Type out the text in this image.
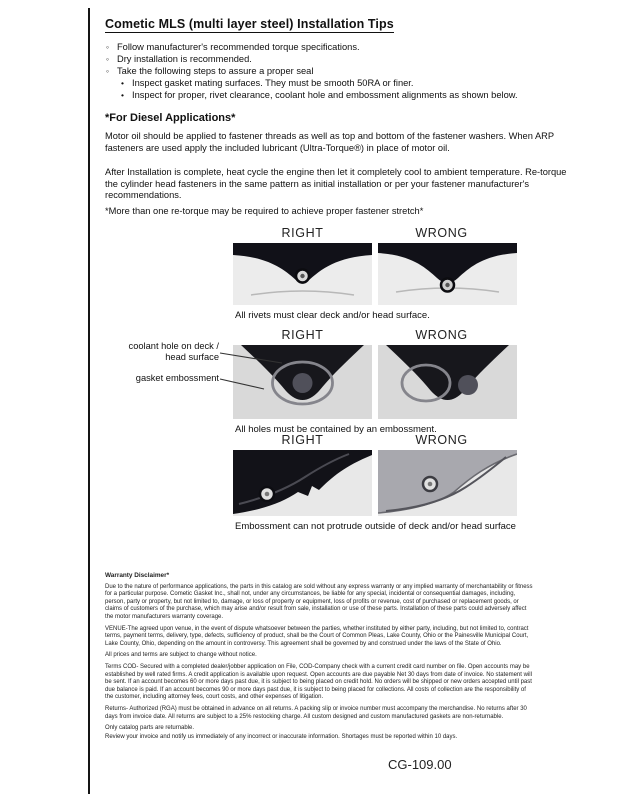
Cometic MLS (multi layer steel) Installation Tips
◦ Follow manufacturer's recommended torque specifications.
◦ Dry installation is recommended.
◦ Take the following steps to assure a proper seal
• Inspect gasket mating surfaces. They must be smooth 50RA or finer.
• Inspect for proper, rivet clearance, coolant hole and embossment alignments as shown below.
*For Diesel Applications*
Motor oil should be applied to fastener threads as well as top and bottom of the fastener washers. When ARP fasteners are used apply the included lubricant (Ultra-Torque®) in place of motor oil.
After Installation is complete, heat cycle the engine then let it completely cool to ambient temperature. Re-torque the cylinder head fasteners in the same pattern as initial installation or per your fastener manufacturer's recommendations.
*More than one re-torque may be required to achieve proper fastener stretch*
RIGHT	WRONG
All rivets must clear deck and/or head surface.
RIGHT	WRONG
All holes must be contained by an embossment.
RIGHT	WRONG
Embossment can not protrude outside of deck and/or head surface
coolant hole on deck / head surface
gasket embossment
Warranty Disclaimer*

Due to the nature of performance applications, the parts in this catalog are sold without any express warranty or any implied warranty of merchantability or fitness for a particular purpose. Cometic Gasket Inc., shall not, under any circumstances, be liable for any special, incidental or consequential damages, including, person, party or property, but not limited to, damage, or loss of property or equipment, loss of profits or revenue, cost of purchased or replacement goods, or claims of customers of the purchase, which may arise and/or result from sale, installation or use of these parts. Installation of these parts could adversely affect the motor manufacturers warranty coverage.

VENUE-The agreed upon venue, in the event of dispute whatsoever between the parties, whether instituted by either party, including, but not limited to, contract terms, payment terms, delivery, type, defects, sufficiency of product, shall be the Court of Common Pleas, Lake County, Ohio or the Painesville Municipal Court, Lake County, Ohio, depending on the amount in controversy. This agreement shall be governed by and construed under the laws of the State of Ohio.

All prices and terms are subject to change without notice.

Terms COD- Secured with a completed dealer/jobber application on File, COD-Company check with a current credit card number on file. Open accounts may be established by well rated firms. A credit application is available upon request. Open accounts are due payable Net 30 days from date of invoice. No statement will be sent. If an account becomes 60 or more days past due, it is subject to being placed on credit hold. No orders will be shipped or new orders accepted until past due balance is paid. If an account becomes 90 or more days past due, it is subject to being placed for collections. All costs of collection are the responsibility of the customer, including attorney fees, court costs, and other expenses of litigation.

Returns- Authorized (RGA) must be obtained in advance on all returns. A packing slip or invoice number must accompany the merchandise. No returns after 30 days from invoice date. All returns are subject to a 25% restocking charge. All custom designed and custom manufactured gaskets are non-returnable.

Only catalog parts are returnable.

Review your invoice and notify us immediately of any incorrect or inaccurate information. Shortages must be reported within 10 days.

CG-109.00
